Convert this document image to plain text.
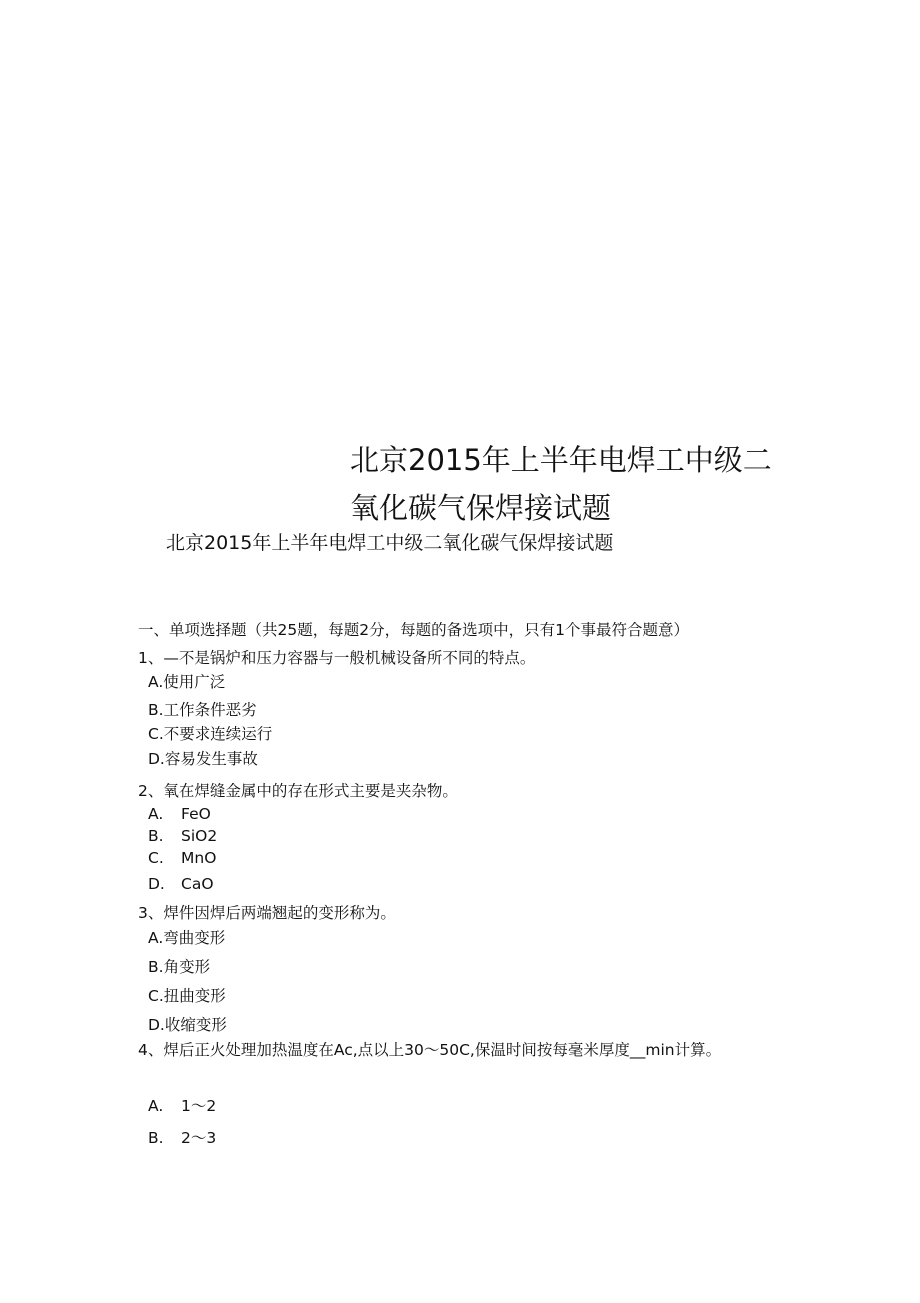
北京2015年上半年电焊工中级二
氧化碳气保焊接试题
北京2015年上半年电焊工中级二氧化碳气保焊接试题
一、单项选择题（共25题，每题2分，每题的备选项中，只有1个事最符合题意）
1、—不是锅炉和压力容器与一般机械设备所不同的特点。
A.使用广泛
B.工作条件恶劣
C.不要求连续运行
D.容易发生事故
2、氧在焊缝金属中的存在形式主要是夹杂物。
A. FeO
B. SiO2
C. MnO
D. CaO
3、焊件因焊后两端翘起的变形称为。
A.弯曲变形
B.角变形
C.扭曲变形
D.收缩变形
4、焊后正火处理加热温度在Ac,点以上30〜50C,保温时间按每毫米厚度__min计算。
A. 1〜2
B. 2〜3
